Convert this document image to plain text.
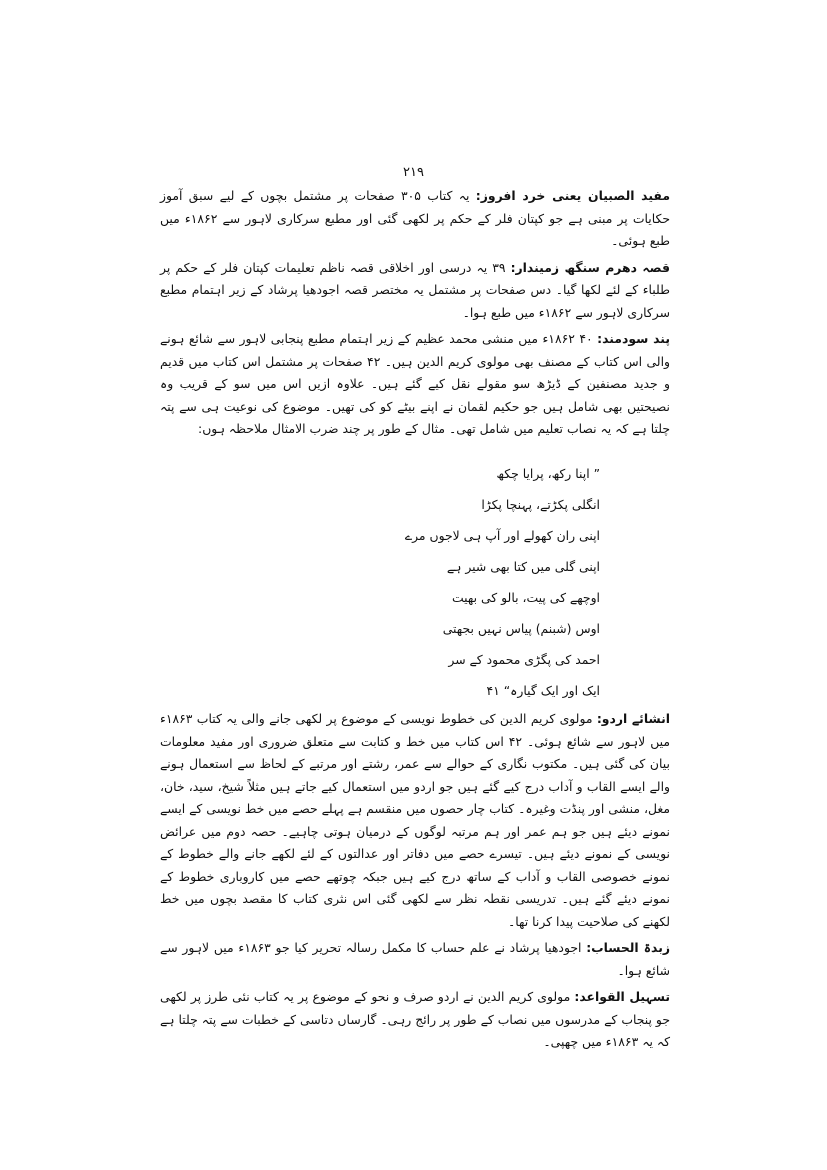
۲۱۹

مفید الصبیان یعنی خرد افروز: یہ کتاب ۳۰۵ صفحات پر مشتمل بچوں کے لیے سبق آموز حکایات پر مبنی ہے جو کپتان فلر کے حکم پر لکھی گئی اور مطبع سرکاری لاہور سے ۱۸۶۲ء میں طبع ہوئی۔

قصہ دھرم سنگھ زمیندار: ۳۹ یہ درسی اور اخلاقی قصہ ناظم تعلیمات کپتان فلر کے حکم پر طلباء کے لئے لکھا گیا۔ دس صفحات پر مشتمل یہ مختصر قصہ اجودھیا پرشاد کے زیر اہتمام مطبع سرکاری لاہور سے ۱۸۶۲ء میں طبع ہوا۔

پند سودمند: ۴۰ ۱۸۶۲ء میں منشی محمد عظیم کے زیر اہتمام مطبع پنجابی لاہور سے شائع ہونے والی اس کتاب کے مصنف بھی مولوی کریم الدین ہیں۔ ۴۲ صفحات پر مشتمل اس کتاب میں قدیم و جدید مصنفین کے ڈیڑھ سو مقولے نقل کیے گئے ہیں۔ علاوہ ازیں اس میں سو کے قریب وہ نصیحتیں بھی شامل ہیں جو حکیم لقمان نے اپنے بیٹے کو کی تھیں۔ موضوع کی نوعیت ہی سے پتہ چلتا ہے کہ یہ نصاب تعلیم میں شامل تھی۔ مثال کے طور پر چند ضرب الامثال ملاحظہ ہوں:

” اپنا رکھ، پرایا چکھ
انگلی پکڑتے، پہنچا پکڑا
اپنی ران کھولے اور آپ ہی لاجوں مرے
اپنی گلی میں کتا بھی شیر ہے
اوچھے کی پیت، بالو کی بھیت
اوس (شبنم) پیاس نہیں بجھتی
احمد کی پگڑی محمود کے سر
ایک اور ایک گیارہ“ ۴۱

انشائے اردو: مولوی کریم الدین کی خطوط نویسی کے موضوع پر لکھی جانے والی یہ کتاب ۱۸۶۳ء میں لاہور سے شائع ہوئی۔ ۴۲ اس کتاب میں خط و کتابت سے متعلق ضروری اور مفید معلومات بیان کی گئی ہیں۔ مکتوب نگاری کے حوالے سے عمر، رشتے اور مرتبے کے لحاظ سے استعمال ہونے والے ایسے القاب و آداب درج کیے گئے ہیں جو اردو میں استعمال کیے جاتے ہیں مثلاً شیخ، سید، خان، مغل، منشی اور پنڈت وغیرہ۔ کتاب چار حصوں میں منقسم ہے پہلے حصے میں خط نویسی کے ایسے نمونے دیئے ہیں جو ہم عمر اور ہم مرتبہ لوگوں کے درمیان ہوتی چاہیے۔ حصہ دوم میں عرائض نویسی کے نمونے دیئے ہیں۔ تیسرے حصے میں دفاتر اور عدالتوں کے لئے لکھے جانے والے خطوط کے نمونے خصوصی القاب و آداب کے ساتھ درج کیے ہیں جبکہ چوتھے حصے میں کاروباری خطوط کے نمونے دیئے گئے ہیں۔ تدریسی نقطہ نظر سے لکھی گئی اس نثری کتاب کا مقصد بچوں میں خط لکھنے کی صلاحیت پیدا کرنا تھا۔

زبدۃ الحساب: اجودھیا پرشاد نے علم حساب کا مکمل رسالہ تحریر کیا جو ۱۸۶۳ء میں لاہور سے شائع ہوا۔

تسہیل القواعد: مولوی کریم الدین نے اردو صرف و نحو کے موضوع پر یہ کتاب نئی طرز پر لکھی جو پنجاب کے مدرسوں میں نصاب کے طور پر رائج رہی۔ گارساں دتاسی کے خطبات سے پتہ چلتا ہے کہ یہ ۱۸۶۳ء میں چھپی۔
